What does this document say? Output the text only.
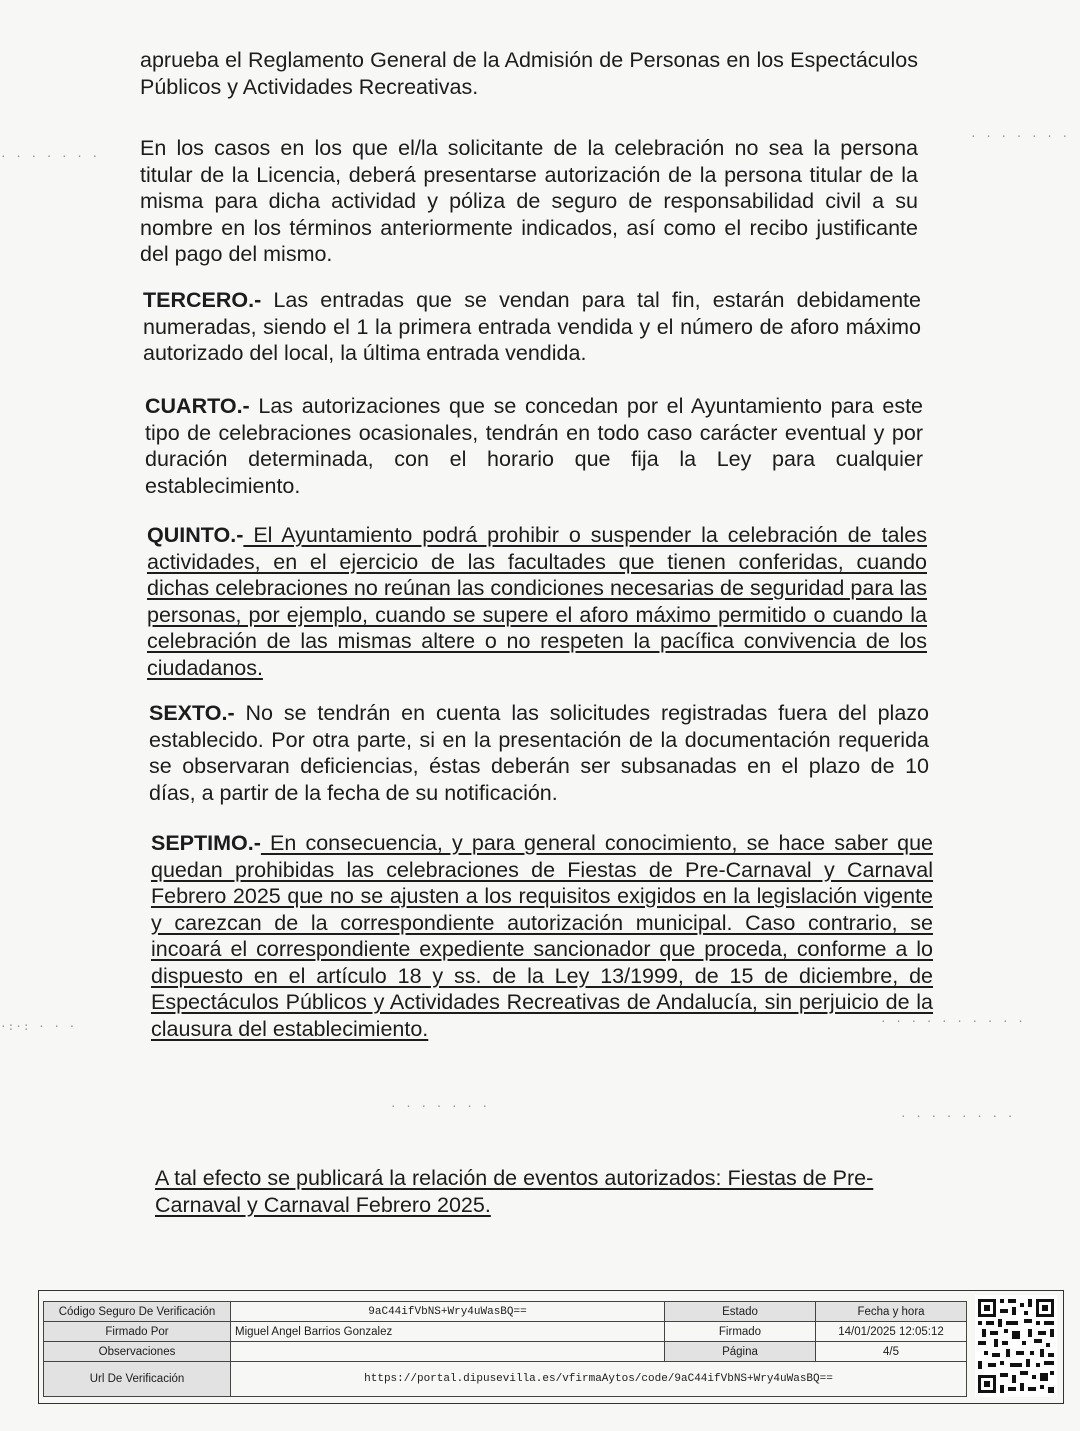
aprueba el Reglamento General de la Admisión de Personas en los Espectáculos Públicos y Actividades Recreativas.

En los casos en los que el/la solicitante de la celebración no sea la persona titular de la Licencia, deberá presentarse autorización de la persona titular de la misma para dicha actividad y póliza de seguro de responsabilidad civil a su nombre en los términos anteriormente indicados, así como el recibo justificante del pago del mismo.

TERCERO.- Las entradas que se vendan para tal fin, estarán debidamente numeradas, siendo el 1 la primera entrada vendida y el número de aforo máximo autorizado del local, la última entrada vendida.

CUARTO.- Las autorizaciones que se concedan por el Ayuntamiento para este tipo de celebraciones ocasionales, tendrán en todo caso carácter eventual y por duración determinada, con el horario que fija la Ley para cualquier establecimiento.

QUINTO.- El Ayuntamiento podrá prohibir o suspender la celebración de tales actividades, en el ejercicio de las facultades que tienen conferidas, cuando dichas celebraciones no reúnan las condiciones necesarias de seguridad para las personas, por ejemplo, cuando se supere el aforo máximo permitido o cuando la celebración de las mismas altere o no respeten la pacífica convivencia de los ciudadanos.

SEXTO.- No se tendrán en cuenta las solicitudes registradas fuera del plazo establecido. Por otra parte, si en la presentación de la documentación requerida se observaran deficiencias, éstas deberán ser subsanadas en el plazo de 10 días, a partir de la fecha de su notificación.

SEPTIMO.- En consecuencia, y para general conocimiento, se hace saber que quedan prohibidas las celebraciones de Fiestas de Pre-Carnaval y Carnaval Febrero 2025 que no se ajusten a los requisitos exigidos en la legislación vigente y carezcan de la correspondiente autorización municipal. Caso contrario, se incoará el correspondiente expediente sancionador que proceda, conforme a lo dispuesto en el artículo 18 y ss. de la Ley 13/1999, de 15 de diciembre, de Espectáculos Públicos y Actividades Recreativas de Andalucía, sin perjuicio de la clausura del establecimiento.

A tal efecto se publicará la relación de eventos autorizados: Fiestas de Pre-Carnaval y Carnaval Febrero 2025.

· · · · · · ·
· · · · · · ·
·:·: · · ·	· · · · · · · · · ·
· · · · · · ·
· · · · · · · ·
Código Seguro De Verificación	9aC44ifVbNS+Wry4uWasBQ==	Estado	Fecha y hora
Firmado Por	Miguel Angel Barrios Gonzalez	Firmado	14/01/2025 12:05:12
Observaciones		Página	4/5
Url De Verificación	https://portal.dipusevilla.es/vfirmaAytos/code/9aC44ifVbNS+Wry4uWasBQ==		
